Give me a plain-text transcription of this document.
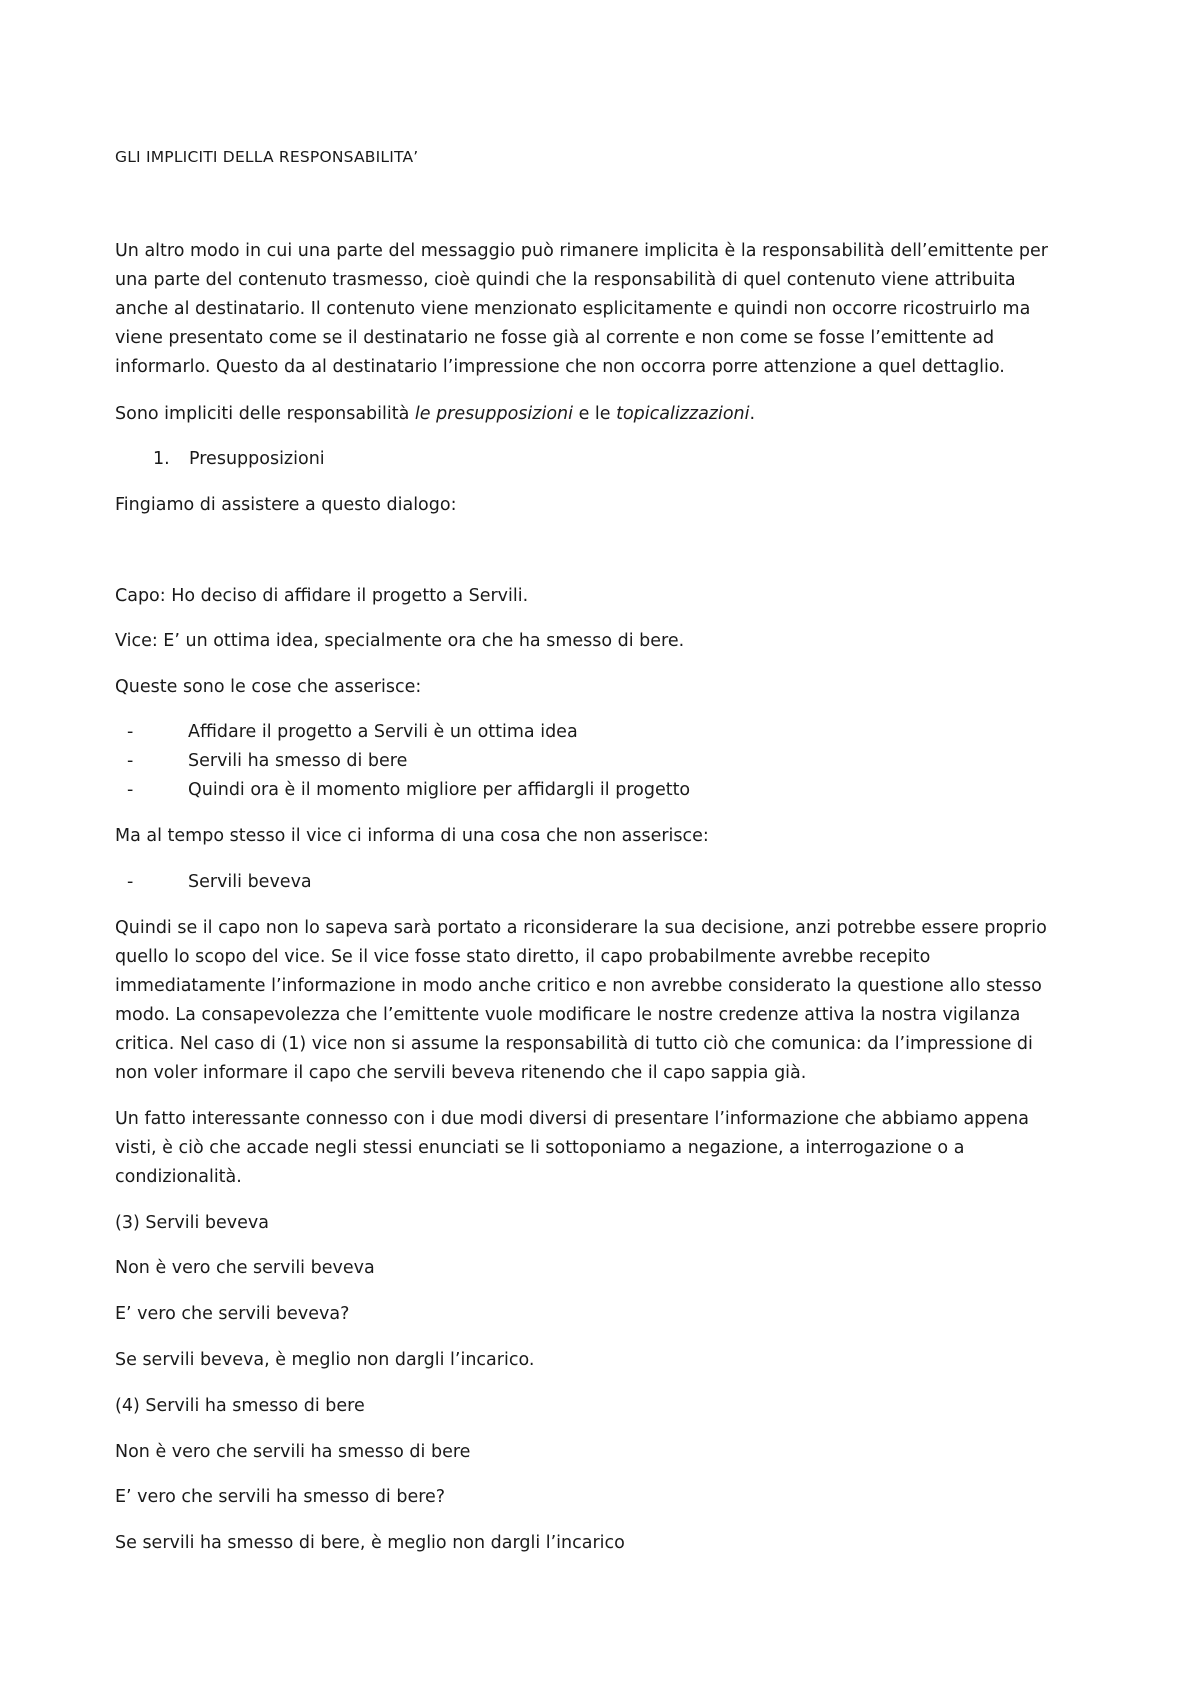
GLI IMPLICITI DELLA RESPONSABILITA’
Un altro modo in cui una parte del messaggio può rimanere implicita è la responsabilità dell’emittente per
una parte del contenuto trasmesso, cioè quindi che la responsabilità di quel contenuto viene attribuita
anche al destinatario. Il contenuto viene menzionato esplicitamente e quindi non occorre ricostruirlo ma
viene presentato come se il destinatario ne fosse già al corrente e non come se fosse l’emittente ad
informarlo. Questo da al destinatario l’impressione che non occorra porre attenzione a quel dettaglio.
Sono impliciti delle responsabilità le presupposizioni e le topicalizzazioni.
1. Presupposizioni
Fingiamo di assistere a questo dialogo:
Capo: Ho deciso di affidare il progetto a Servili.
Vice: E’ un ottima idea, specialmente ora che ha smesso di bere.
Queste sono le cose che asserisce:
-	Affidare il progetto a Servili è un ottima idea
-	Servili ha smesso di bere
-	Quindi ora è il momento migliore per affidargli il progetto
Ma al tempo stesso il vice ci informa di una cosa che non asserisce:
-	Servili beveva
Quindi se il capo non lo sapeva sarà portato a riconsiderare la sua decisione, anzi potrebbe essere proprio
quello lo scopo del vice. Se il vice fosse stato diretto, il capo probabilmente avrebbe recepito
immediatamente l’informazione in modo anche critico e non avrebbe considerato la questione allo stesso
modo. La consapevolezza che l’emittente vuole modificare le nostre credenze attiva la nostra vigilanza
critica. Nel caso di (1) vice non si assume la responsabilità di tutto ciò che comunica: da l’impressione di
non voler informare il capo che servili beveva ritenendo che il capo sappia già.
Un fatto interessante connesso con i due modi diversi di presentare l’informazione che abbiamo appena
visti, è ciò che accade negli stessi enunciati se li sottoponiamo a negazione, a interrogazione o a
condizionalità.
(3) Servili beveva
Non è vero che servili beveva
E’ vero che servili beveva?
Se servili beveva, è meglio non dargli l’incarico.
(4) Servili ha smesso di bere
Non è vero che servili ha smesso di bere
E’ vero che servili ha smesso di bere?
Se servili ha smesso di bere, è meglio non dargli l’incarico
